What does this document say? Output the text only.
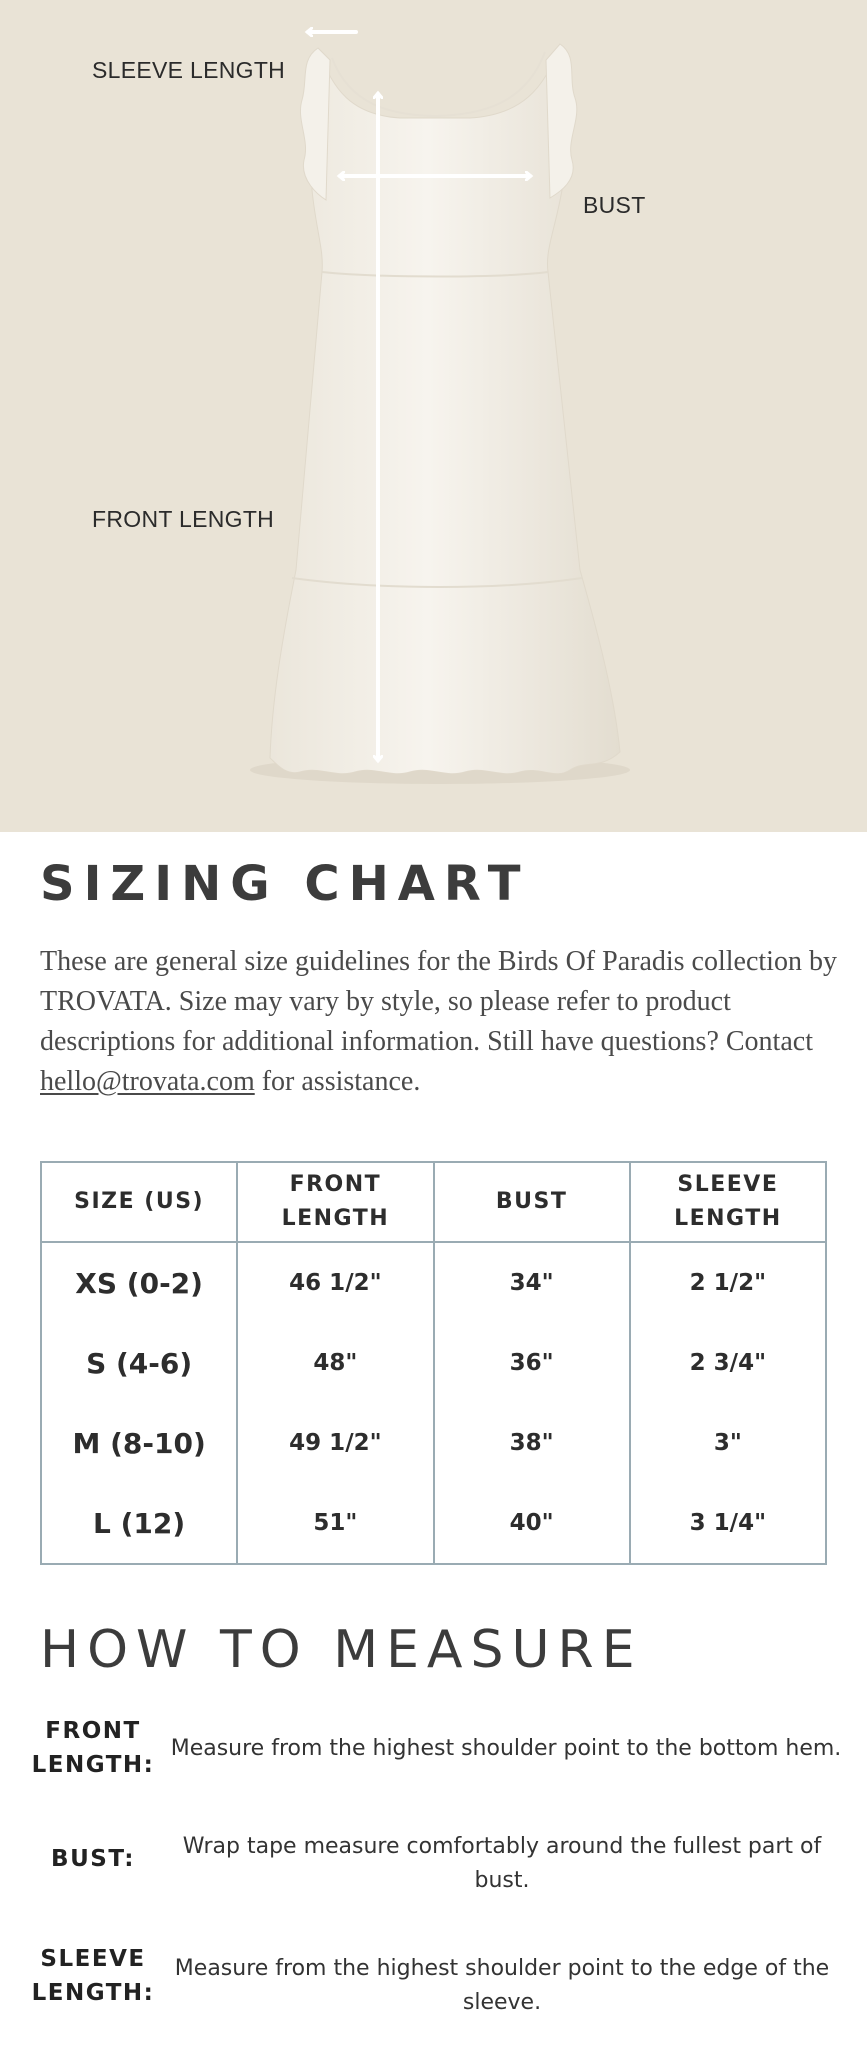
SLEEVE LENGTH
BUST
FRONT LENGTH
SIZING CHART

These are general size guidelines for the Birds Of Paradis collection by TROVATA. Size may vary by style, so please refer to product descriptions for additional information. Still have questions? Contact hello@trovata.com for assistance.

SIZE (US)	FRONT LENGTH	BUST	SLEEVE LENGTH
XS (0-2)	46 1/2"	34"	2 1/2"
S (4-6)	48"	36"	2 3/4"
M (8-10)	49 1/2"	38"	3"
L (12)	51"	40"	3 1/4"
HOW TO MEASURE
FRONT
LENGTH:
Measure from the highest shoulder point to the bottom hem.
BUST:	Wrap tape measure comfortably around the fullest part of bust.
SLEEVE
LENGTH:
Measure from the highest shoulder point to the edge of the sleeve.
